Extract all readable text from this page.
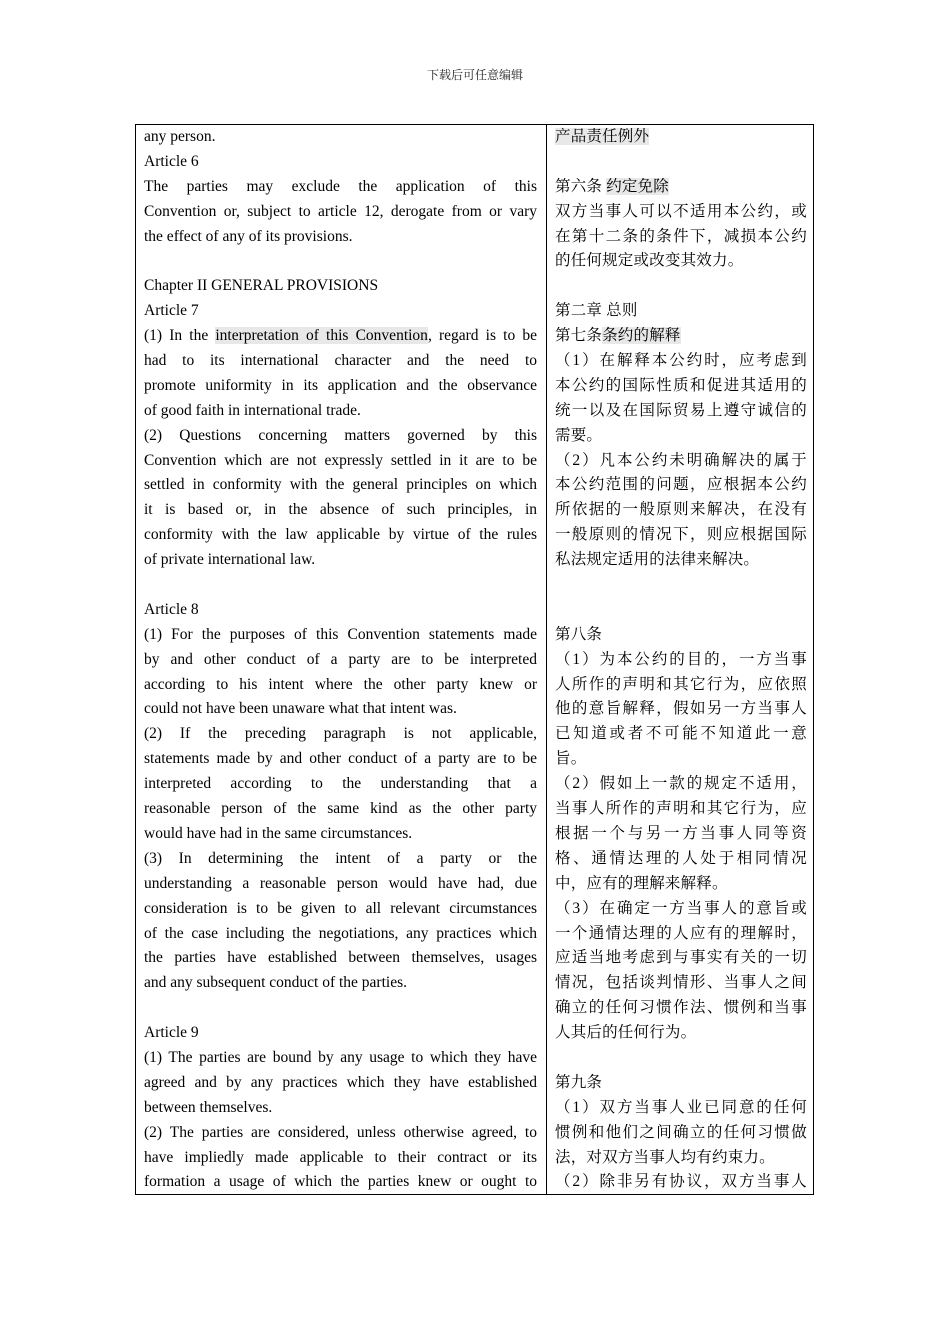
下载后可任意编辑
any person.
Article 6
The parties may exclude the application of this
Convention or, subject to article 12, derogate from or vary
the effect of any of its provisions.
Chapter II GENERAL PROVISIONS
Article 7
(1) In the interpretation of this Convention, regard is to be
had to its international character and the need to
promote uniformity in its application and the observance
of good faith in international trade.
(2) Questions concerning matters governed by this
Convention which are not expressly settled in it are to be
settled in conformity with the general principles on which
it is based or, in the absence of such principles, in
conformity with the law applicable by virtue of the rules
of private international law.
Article 8
(1) For the purposes of this Convention statements made
by and other conduct of a party are to be interpreted
according to his intent where the other party knew or
could not have been unaware what that intent was.
(2) If the preceding paragraph is not applicable,
statements made by and other conduct of a party are to be
interpreted according to the understanding that a
reasonable person of the same kind as the other party
would have had in the same circumstances.
(3) In determining the intent of a party or the
understanding a reasonable person would have had, due
consideration is to be given to all relevant circumstances
of the case including the negotiations, any practices which
the parties have established between themselves, usages
and any subsequent conduct of the parties.
Article 9
(1) The parties are bound by any usage to which they have
agreed and by any practices which they have established
between themselves.
(2) The parties are considered, unless otherwise agreed, to
have impliedly made applicable to their contract or its
formation a usage of which the parties knew or ought to
产品责任例外
第六条 约定免除
双方当事人可以不适用本公约，或
在第十二条的条件下，减损本公约
的任何规定或改变其效力。
第二章 总则
第七条条约的解释
（1）在解释本公约时，应考虑到
本公约的国际性质和促进其适用的
统一以及在国际贸易上遵守诚信的
需要。
（2）凡本公约未明确解决的属于
本公约范围的问题，应根据本公约
所依据的一般原则来解决，在没有
一般原则的情况下，则应根据国际
私法规定适用的法律来解决。
第八条
（1）为本公约的目的，一方当事
人所作的声明和其它行为，应依照
他的意旨解释，假如另一方当事人
已知道或者不可能不知道此一意
旨。
（2）假如上一款的规定不适用，
当事人所作的声明和其它行为，应
根据一个与另一方当事人同等资
格、通情达理的人处于相同情况
中，应有的理解来解释。
（3）在确定一方当事人的意旨或
一个通情达理的人应有的理解时，
应适当地考虑到与事实有关的一切
情况，包括谈判情形、当事人之间
确立的任何习惯作法、惯例和当事
人其后的任何行为。
第九条
（1）双方当事人业已同意的任何
惯例和他们之间确立的任何习惯做
法，对双方当事人均有约束力。
（2）除非另有协议，双方当事人
